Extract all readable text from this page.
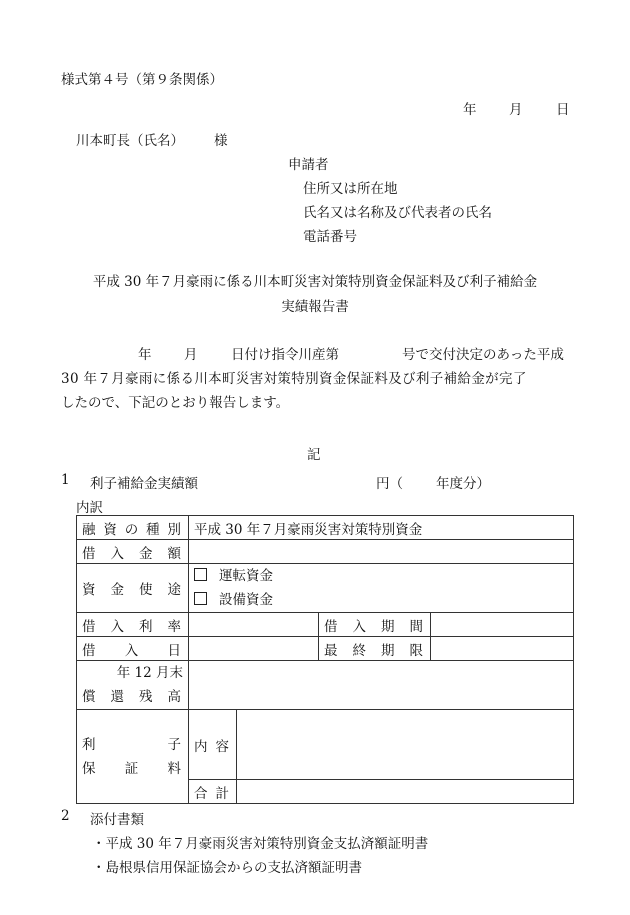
様式第４号（第９条関係）
年 月 日
川本町長（氏名） 様
申請者
住所又は所在地
氏名又は名称及び代表者の氏名
電話番号
平成 30 年７月豪雨に係る川本町災害対策特別資金保証料及び利子補給金
実績報告書
年 月 日付け指令川産第	号で交付決定のあった平成
30 年７月豪雨に係る川本町災害対策特別資金保証料及び利子補給金が完了
したので、下記のとおり報告します。
記
1 利子補給金実績額	円（ 年度分）
内訳
融資の種別	平成 30 年７月豪雨災害対策特別資金			
借入金額				
資金使途	運転資金
設備資金			

借入利率			借入期間	
借入日			最終期限	

年 12 月末
償還残高				

利子
保証料	内容			
	合計			
2 添付書類
・平成 30 年７月豪雨災害対策特別資金支払済額証明書
・島根県信用保証協会からの支払済額証明書
